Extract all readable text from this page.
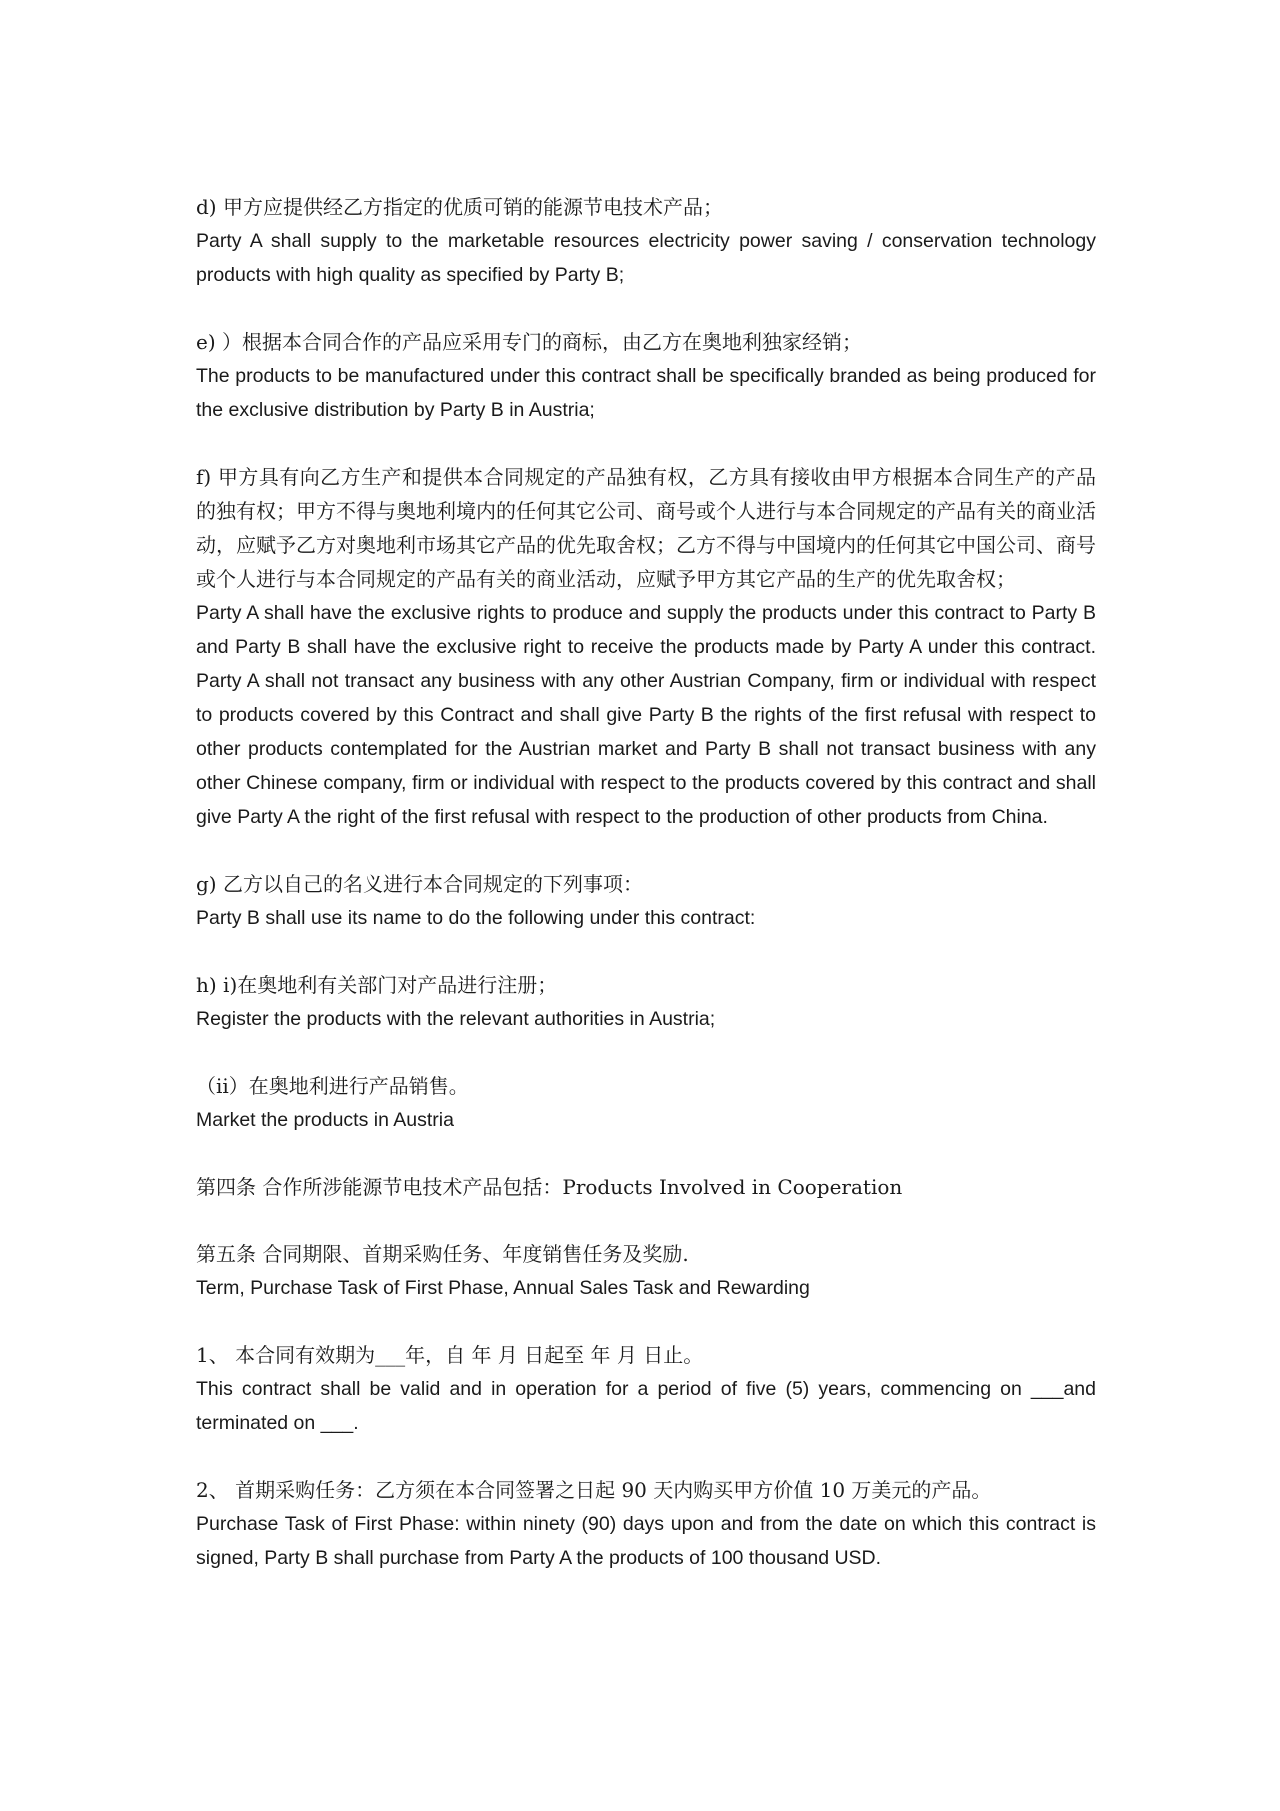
d) 甲方应提供经乙方指定的优质可销的能源节电技术产品；

Party A shall supply to the marketable resources electricity power saving / conservation technology products with high quality as specified by Party B;

e) ）根据本合同合作的产品应采用专门的商标，由乙方在奥地利独家经销；

The products to be manufactured under this contract shall be specifically branded as being produced for the exclusive distribution by Party B in Austria;

f) 甲方具有向乙方生产和提供本合同规定的产品独有权，乙方具有接收由甲方根据本合同生产的产品的独有权；甲方不得与奥地利境内的任何其它公司、商号或个人进行与本合同规定的产品有关的商业活动，应赋予乙方对奥地利市场其它产品的优先取舍权；乙方不得与中国境内的任何其它中国公司、商号或个人进行与本合同规定的产品有关的商业活动，应赋予甲方其它产品的生产的优先取舍权；

Party A shall have the exclusive rights to produce and supply the products under this contract to Party B and Party B shall have the exclusive right to receive the products made by Party A under this contract. Party A shall not transact any business with any other Austrian Company, firm or individual with respect to products covered by this Contract and shall give Party B the rights of the first refusal with respect to other products contemplated for the Austrian market and Party B shall not transact business with any other Chinese company, firm or individual with respect to the products covered by this contract and shall give Party A the right of the first refusal with respect to the production of other products from China.

g) 乙方以自己的名义进行本合同规定的下列事项：

Party B shall use its name to do the following under this contract:

h) i)在奥地利有关部门对产品进行注册；

Register the products with the relevant authorities in Austria;

（ii）在奥地利进行产品销售。

Market the products in Austria

第四条 合作所涉能源节电技术产品包括：Products Involved in Cooperation

第五条 合同期限、首期采购任务、年度销售任务及奖励.

Term, Purchase Task of First Phase, Annual Sales Task and Rewarding

1、 本合同有效期为___年，自 年 月 日起至 年 月 日止。

This contract shall be valid and in operation for a period of five (5) years, commencing on ___and terminated on ___.

2、 首期采购任务：乙方须在本合同签署之日起 90 天内购买甲方价值 10 万美元的产品。

Purchase Task of First Phase: within ninety (90) days upon and from the date on which this contract is signed, Party B shall purchase from Party A the products of 100 thousand USD.
